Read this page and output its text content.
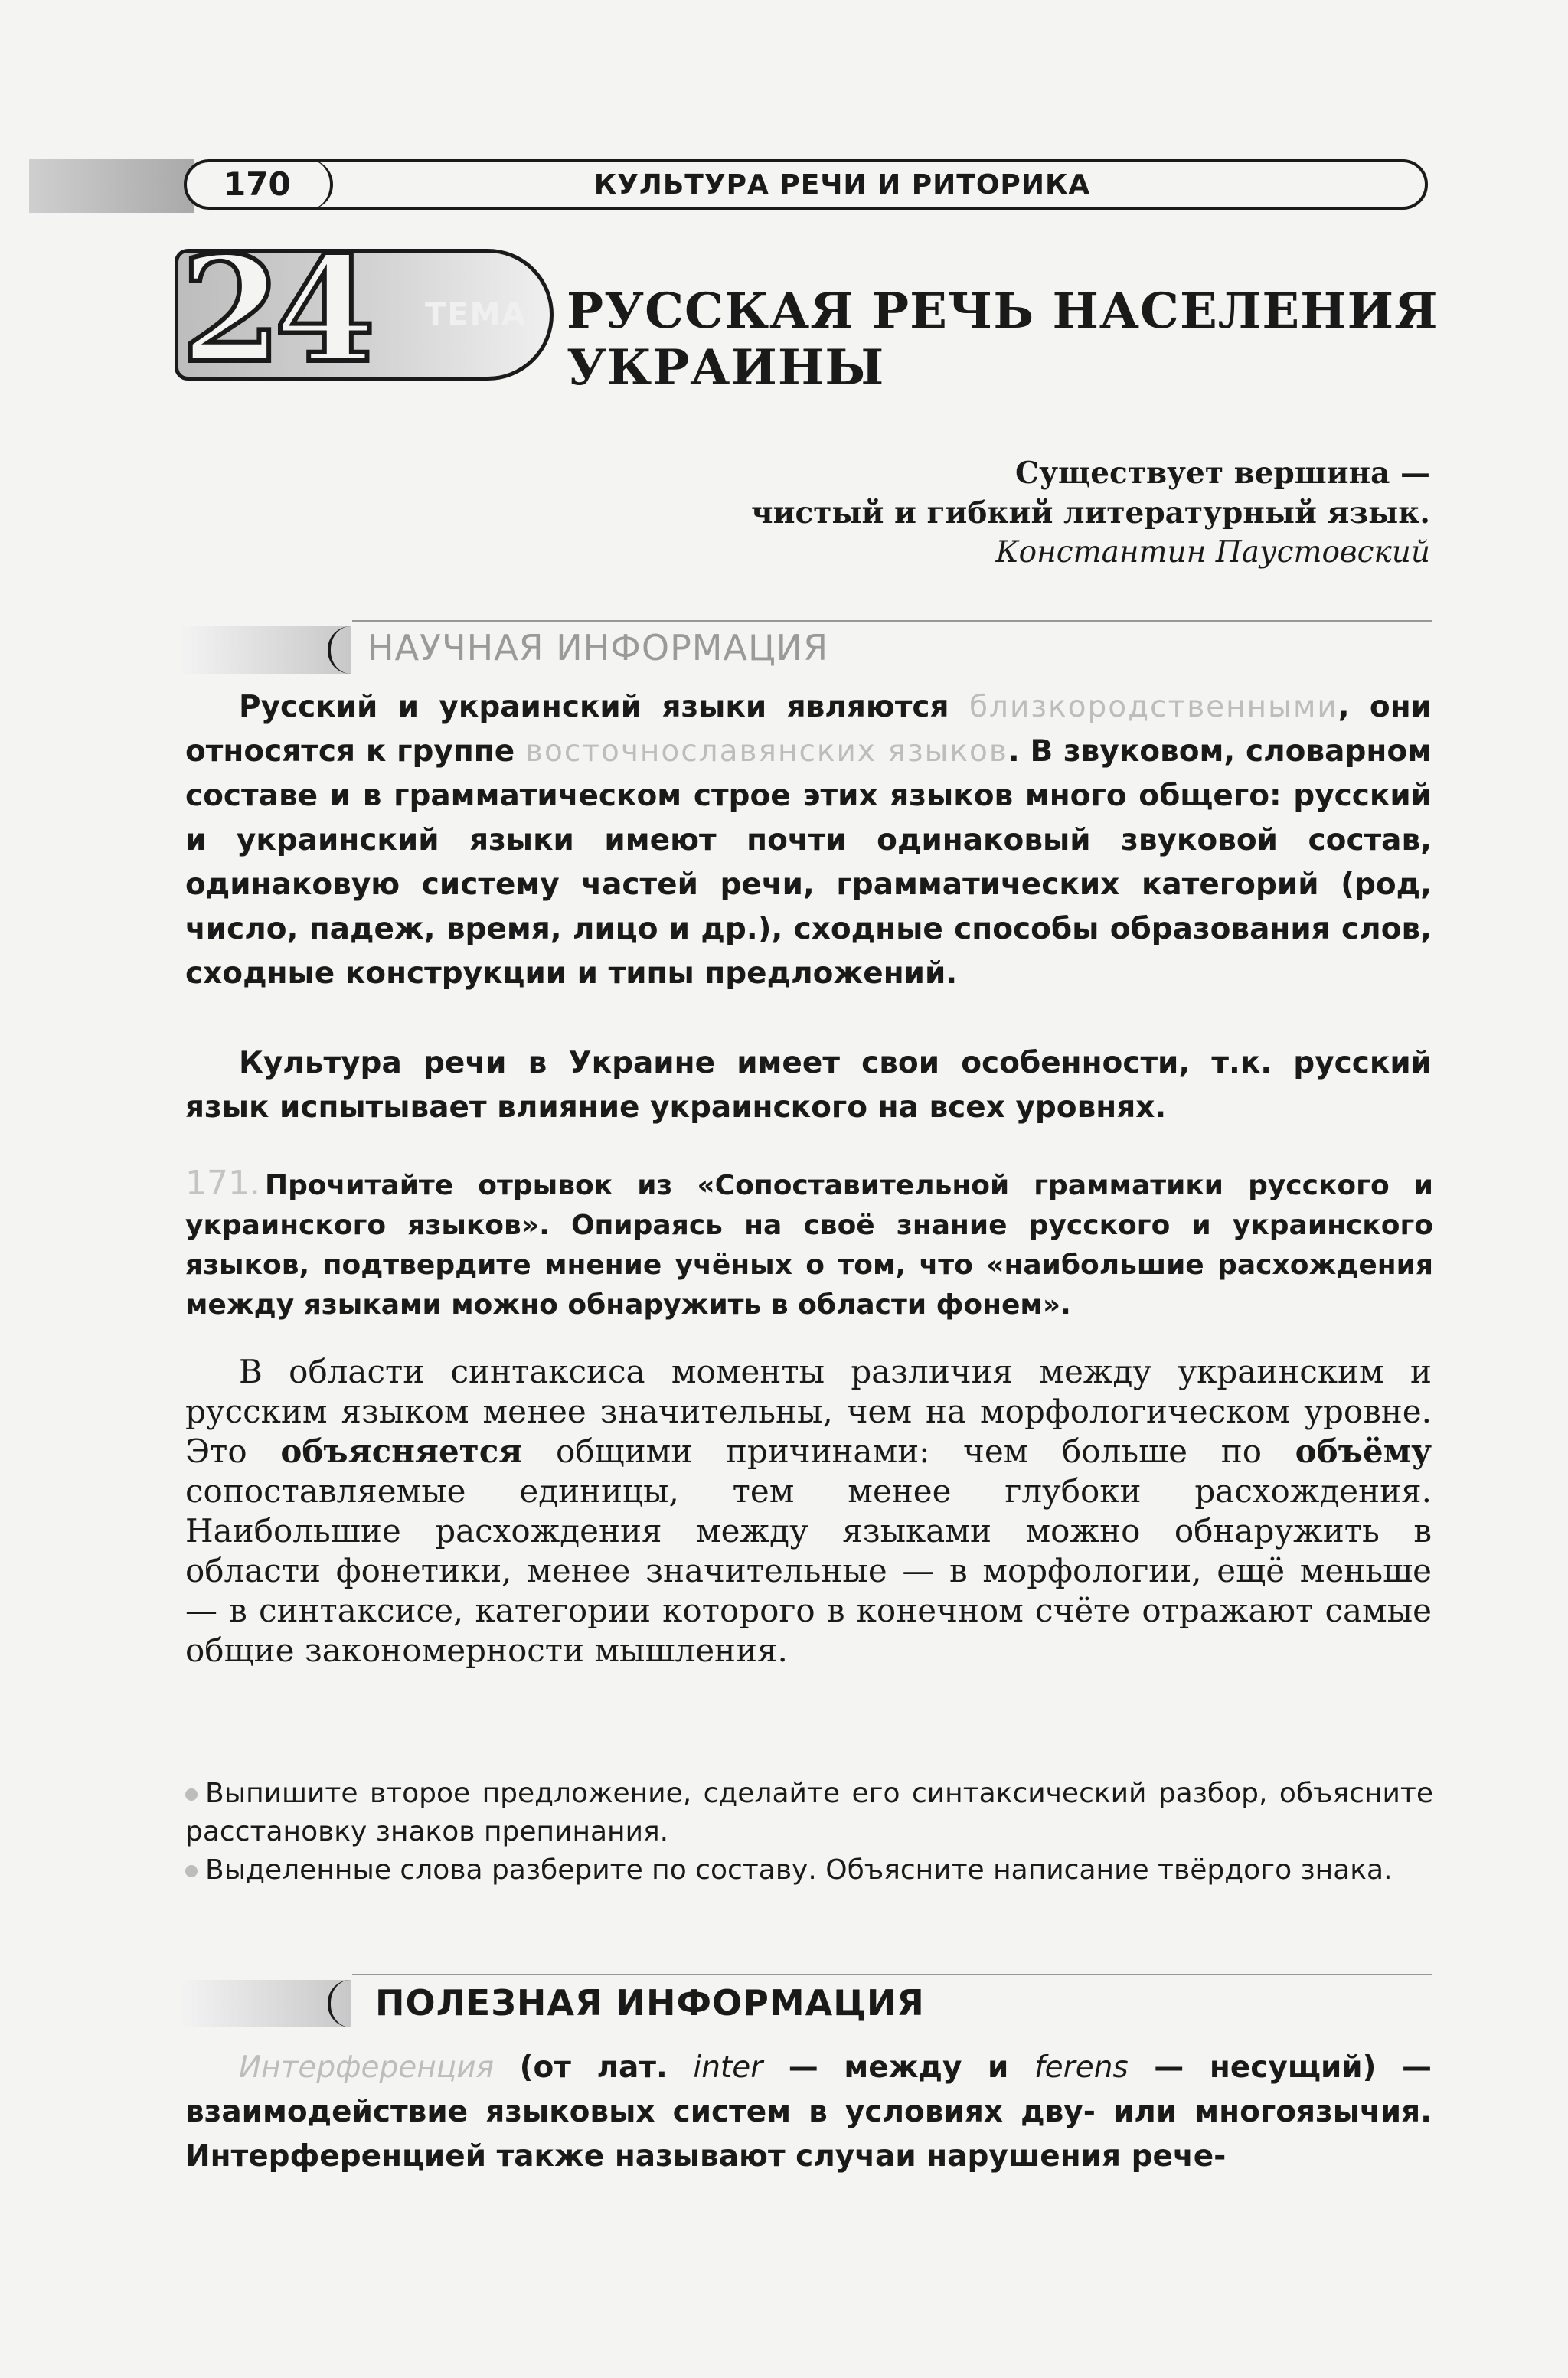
170	КУЛЬТУРА РЕЧИ И РИТОРИКА
24 ТЕМА РУССКАЯ РЕЧЬ НАСЕЛЕНИЯ
УКРАИНЫ
Существует вершина —
чистый и гибкий литературный язык.
Константин Паустовский
НАУЧНАЯ ИНФОРМАЦИЯ
Русский и украинский языки являются близкородственными, они относятся к группе восточнославянских языков. В звуковом, словарном составе и в грамматическом строе этих языков много общего: русский и украинский языки имеют почти одинаковый звуковой состав, одинаковую систему частей речи, грамматических категорий (род, число, падеж, время, лицо и др.), сходные способы образования слов, сходные конструкции и типы предложений.
Культура речи в Украине имеет свои особенности, т.к. русский язык испытывает влияние украинского на всех уровнях.
171. Прочитайте отрывок из «Сопоставительной грамматики русского и украинского языков». Опираясь на своё знание русского и украинского языков, подтвердите мнение учёных о том, что «наибольшие расхождения между языками можно обнаружить в области фонем».

В области синтаксиса моменты различия между украинским и русским языком менее значительны, чем на морфологическом уровне. Это объясняется общими причинами: чем больше по объёму сопоставляемые единицы, тем менее глубоки расхождения. Наибольшие расхождения между языками можно обнаружить в области фонетики, менее значительные — в морфологии, ещё меньше — в синтаксисе, категории которого в конечном счёте отражают самые общие закономерности мышления.

Выпишите второе предложение, сделайте его синтаксический разбор, объясните расстановку знаков препинания.

Выделенные слова разберите по составу. Объясните написание твёрдого знака.

ПОЛЕЗНАЯ ИНФОРМАЦИЯ
Интерференция (от лат. inter — между и ferens — несущий) — взаимодействие языковых систем в условиях дву- или многоязычия. Интерференцией также называют случаи нарушения рече-
